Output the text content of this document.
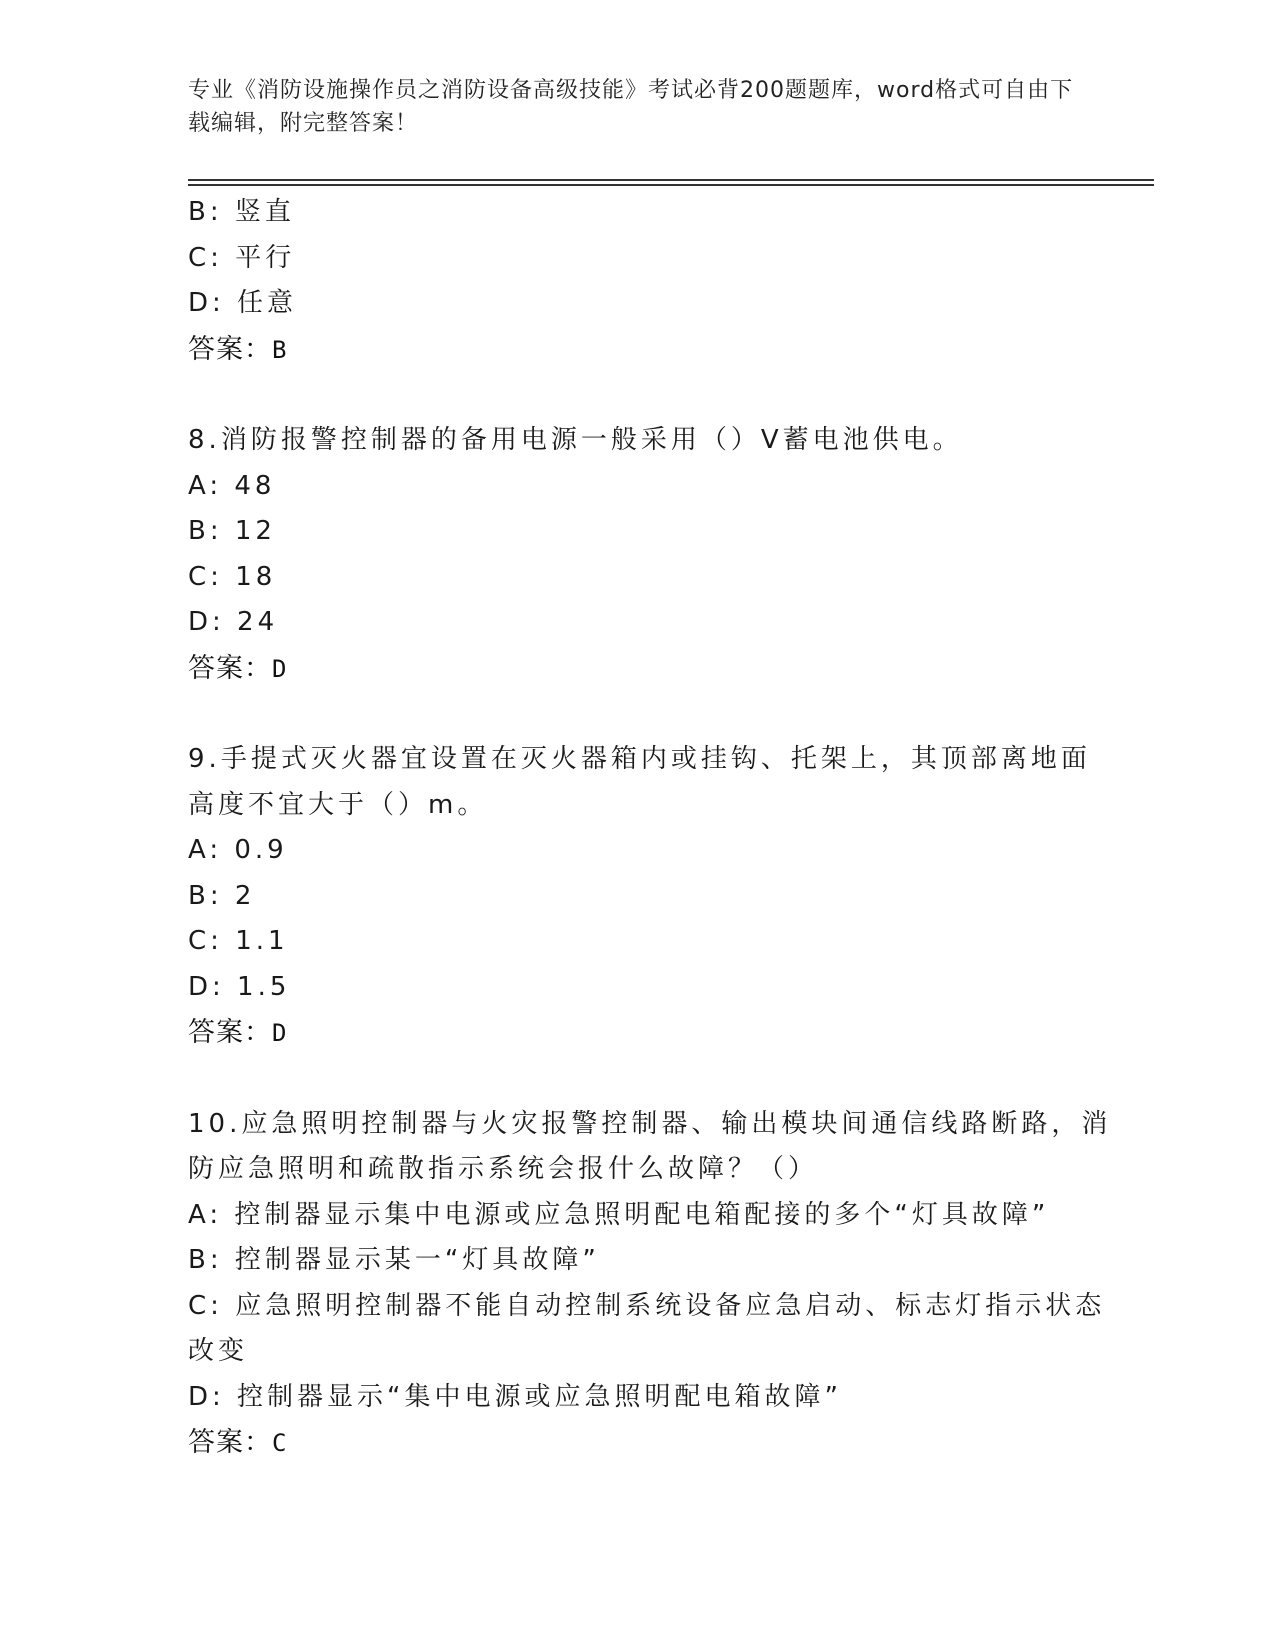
专业《消防设施操作员之消防设备高级技能》考试必背200题题库，word格式可自由下载编辑，附完整答案！
B: 竖直
C: 平行
D: 任意
答案：B
8.消防报警控制器的备用电源一般采用（）V蓄电池供电。
A: 48
B: 12
C: 18
D: 24
答案：D
9.手提式灭火器宜设置在灭火器箱内或挂钩、托架上，其顶部离地面
高度不宜大于（）m。
A: 0.9
B: 2
C: 1.1
D: 1.5
答案：D
10.应急照明控制器与火灾报警控制器、输出模块间通信线路断路，消
防应急照明和疏散指示系统会报什么故障？（）
A: 控制器显示集中电源或应急照明配电箱配接的多个“灯具故障”
B: 控制器显示某一“灯具故障”
C: 应急照明控制器不能自动控制系统设备应急启动、标志灯指示状态
改变
D: 控制器显示“集中电源或应急照明配电箱故障”
答案：C
